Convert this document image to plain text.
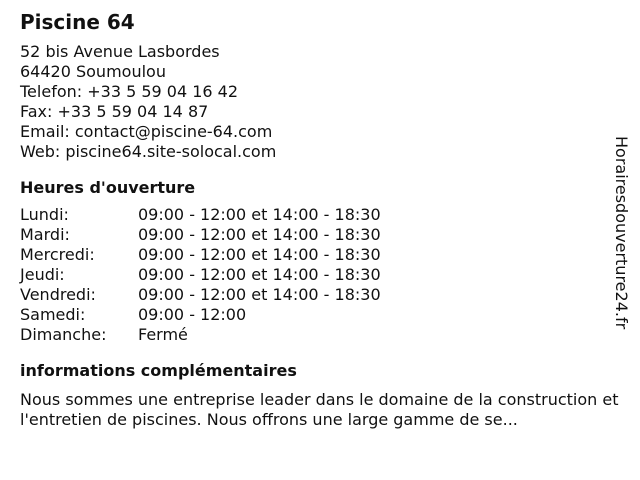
Piscine 64
52 bis Avenue Lasbordes
64420 Soumoulou
Telefon: +33 5 59 04 16 42
Fax: +33 5 59 04 14 87
Email: contact@piscine-64.com
Web: piscine64.site-solocal.com
Heures d'ouverture
Lundi:	09:00 - 12:00 et 14:00 - 18:30
Mardi:	09:00 - 12:00 et 14:00 - 18:30
Mercredi:	09:00 - 12:00 et 14:00 - 18:30
Jeudi:	09:00 - 12:00 et 14:00 - 18:30
Vendredi:	09:00 - 12:00 et 14:00 - 18:30
Samedi:	09:00 - 12:00
Dimanche: Fermé
informations complémentaires
Nous sommes une entreprise leader dans le domaine de la construction et l'entretien de piscines. Nous offrons une large gamme de se...
Horairesdouverture24.fr
